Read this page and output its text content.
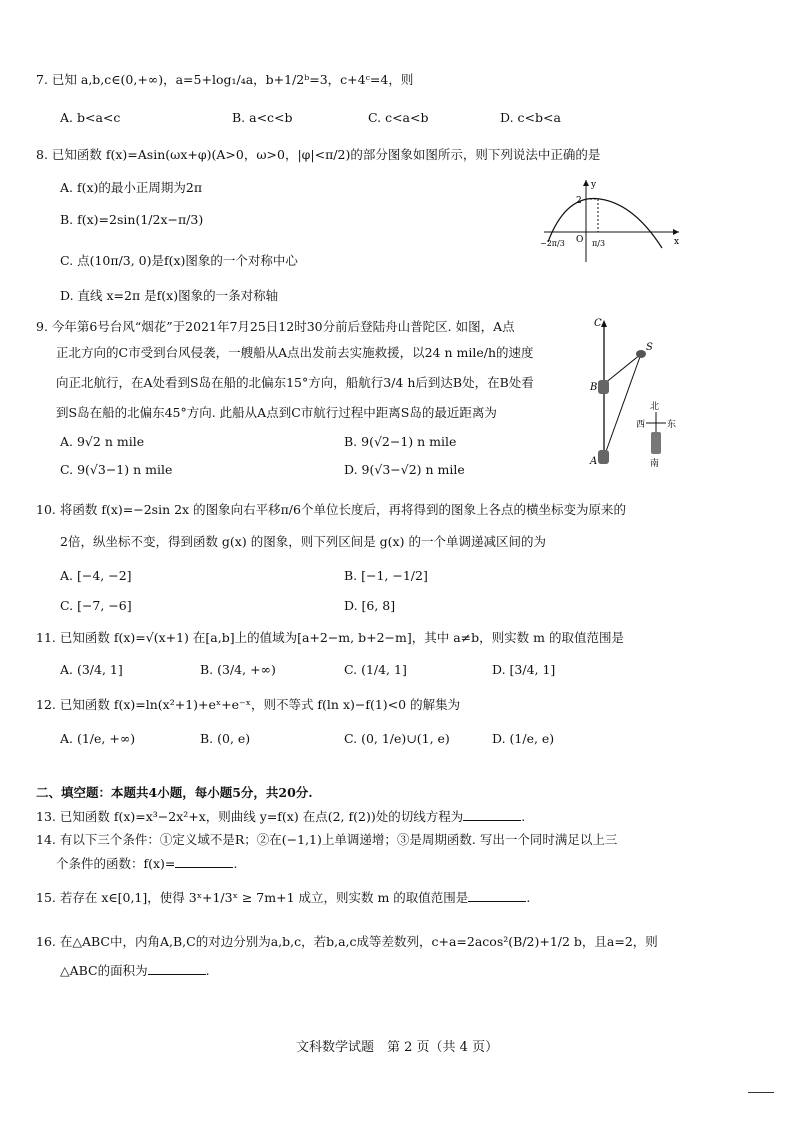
7. 已知 a,b,c∈(0,+∞)，a=5+log₁/₄a，b+1/2ᵇ=3，c+4ᶜ=4，则
A. b<a<c	B. a<c<b	C. c<a<b	D. c<b<a
8. 已知函数 f(x)=Asin(ωx+φ)(A>0，ω>0，|φ|<π/2)的部分图象如图所示，则下列说法中正确的是
A. f(x)的最小正周期为2π
B. f(x)=2sin(1/2x−π/3)
C. 点(10π/3, 0)是f(x)图象的一个对称中心
D. 直线 x=2π 是f(x)图象的一条对称轴
y
x
2
O
−2π/3	π/3
9. 今年第6号台风“烟花”于2021年7月25日12时30分前后登陆舟山普陀区. 如图，A点
正北方向的C市受到台风侵袭，一艘船从A点出发前去实施救援，以24 n mile/h的速度
向正北航行，在A处看到S岛在船的北偏东15°方向，船航行3/4 h后到达B处，在B处看
到S岛在船的北偏东45°方向. 此船从A点到C市航行过程中距离S岛的最近距离为
A. 9√2 n mile	B. 9(√2−1) n mile
C. 9(√3−1) n mile	D. 9(√3−√2) n mile
C
S
B
A
北
西 东
南
10. 将函数 f(x)=−2sin 2x 的图象向右平移π/6个单位长度后，再将得到的图象上各点的横坐标变为原来的
2倍，纵坐标不变，得到函数 g(x) 的图象，则下列区间是 g(x) 的一个单调递减区间的为
A. [−4, −2]	B. [−1, −1/2]
C. [−7, −6]	D. [6, 8]
11. 已知函数 f(x)=√(x+1) 在[a,b]上的值域为[a+2−m, b+2−m]，其中 a≠b，则实数 m 的取值范围是
A. (3/4, 1]	B. (3/4, +∞)	C. (1/4, 1]	D. [3/4, 1]
12. 已知函数 f(x)=ln(x²+1)+eˣ+e⁻ˣ，则不等式 f(ln x)−f(1)<0 的解集为
A. (1/e, +∞)	B. (0, e)	C. (0, 1/e)∪(1, e)	D. (1/e, e)
二、填空题：本题共4小题，每小题5分，共20分.
13. 已知函数 f(x)=x³−2x²+x，则曲线 y=f(x) 在点(2, f(2))处的切线方程为	.
14. 有以下三个条件：①定义域不是R；②在(−1,1)上单调递增；③是周期函数. 写出一个同时满足以上三
个条件的函数：f(x)=	.
15. 若存在 x∈[0,1]，使得 3ˣ+1/3ˣ ≥ 7m+1 成立，则实数 m 的取值范围是	.
16. 在△ABC中，内角A,B,C的对边分别为a,b,c，若b,a,c成等差数列，c+a=2acos²(B/2)+1/2 b，且a=2，则
△ABC的面积为	.
文科数学试题　第 2 页（共 4 页）
